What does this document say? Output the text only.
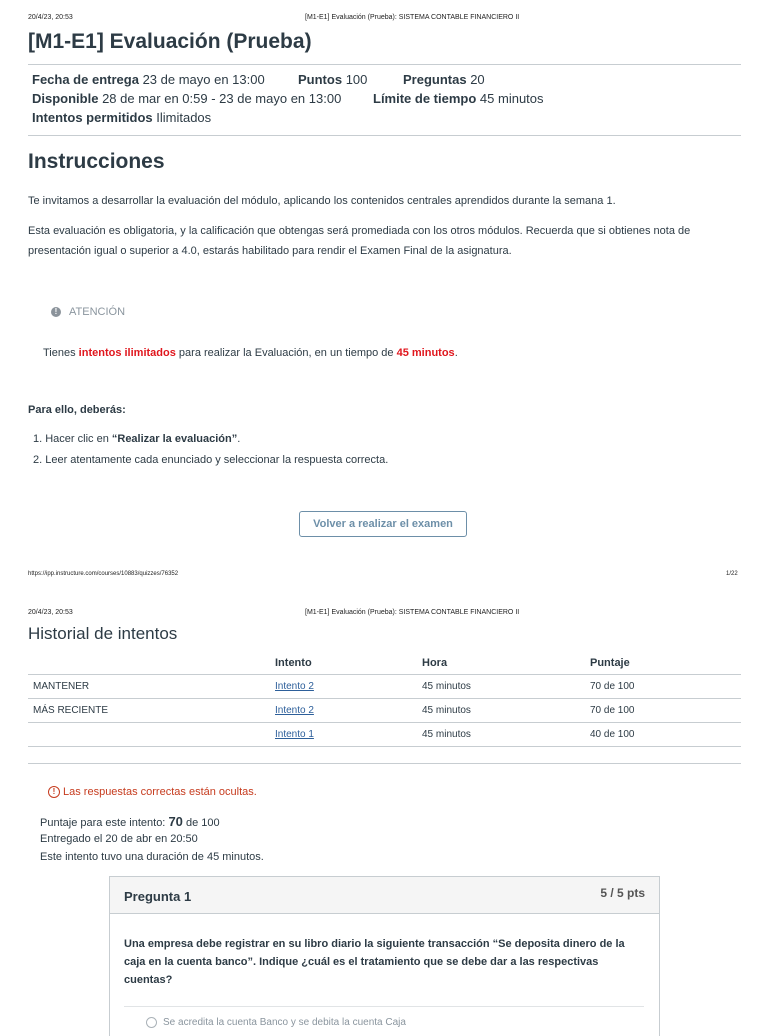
20/4/23, 20:53	[M1-E1] Evaluación (Prueba): SISTEMA CONTABLE FINANCIERO II
[M1-E1] Evaluación (Prueba)
Fecha de entrega 23 de mayo en 13:00	Puntos 100	Preguntas 20
Disponible 28 de mar en 0:59 - 23 de mayo en 13:00 Límite de tiempo 45 minutos
Intentos permitidos Ilimitados
Instrucciones
Te invitamos a desarrollar la evaluación del módulo, aplicando los contenidos centrales aprendidos durante la semana 1.
Esta evaluación es obligatoria, y la calificación que obtengas será promediada con los otros módulos. Recuerda que si obtienes nota de
presentación igual o superior a 4.0, estarás habilitado para rendir el Examen Final de la asignatura.
!	ATENCIÓN
Tienes intentos ilimitados para realizar la Evaluación, en un tiempo de 45 minutos.
Para ello, deberás:
1. Hacer clic en “Realizar la evaluación”.
2. Leer atentamente cada enunciado y seleccionar la respuesta correcta.
Volver a realizar el examen
https://ipp.instructure.com/courses/10883/quizzes/76352	1/22
20/4/23, 20:53	[M1-E1] Evaluación (Prueba): SISTEMA CONTABLE FINANCIERO II
Historial de intentos
	Intento	Hora	Puntaje
MANTENER	Intento 2	45 minutos	70 de 100
MÁS RECIENTE	Intento 2	45 minutos	70 de 100
	Intento 1	45 minutos	40 de 100
! Las respuestas correctas están ocultas.
Puntaje para este intento: 70 de 100
Entregado el 20 de abr en 20:50
Este intento tuvo una duración de 45 minutos.
Pregunta 1	5 / 5 pts
Una empresa debe registrar en su libro diario la siguiente transacción “Se deposita dinero de la caja en la cuenta banco”. Indique ¿cuál es el tratamiento que se debe dar a las respectivas cuentas?
Se acredita la cuenta Banco y se debita la cuenta Caja
